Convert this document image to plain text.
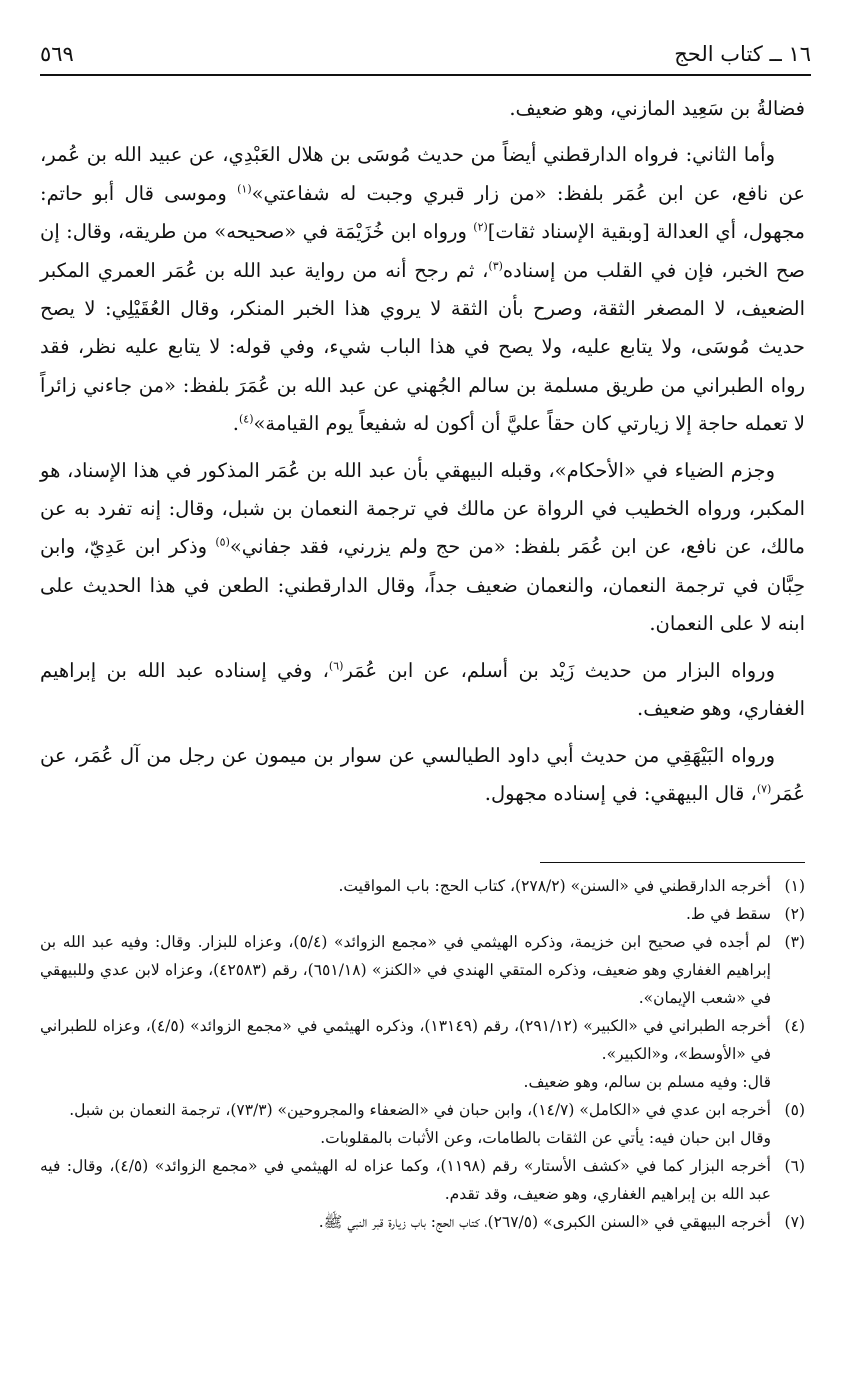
١٦ ــ كتاب الحج
٥٦٩

فضالةُ بن سَعِيد المازني، وهو ضعيف.

وأما الثاني: فرواه الدارقطني أيضاً من حديث مُوسَى بن هلال العَبْدِي، عن عبيد الله بن عُمر، عن نافع، عن ابن عُمَر بلفظ: «من زار قبري وجبت له شفاعتي»$^{(١)}$ وموسى قال أبو حاتم: مجهول، أي العدالة [وبقية الإسناد ثقات]$^{(٢)}$ ورواه ابن خُزَيْمَة في «صحيحه» من طريقه، وقال: إن صح الخبر، فإن في القلب من إسناده$^{(٣)}$، ثم رجح أنه من رواية عبد الله بن عُمَر العمري المكبر الضعيف، لا المصغر الثقة، وصرح بأن الثقة لا يروي هذا الخبر المنكر، وقال العُقَيْلِي: لا يصح حديث مُوسَى، ولا يتابع عليه، ولا يصح في هذا الباب شيء، وفي قوله: لا يتابع عليه نظر، فقد رواه الطبراني من طريق مسلمة بن سالم الجُهني عن عبد الله بن عُمَرَ بلفظ: «من جاءني زائراً لا تعمله حاجة إلا زيارتي كان حقاً عليَّ أن أكون له شفيعاً يوم القيامة»$^{(٤)}$.

وجزم الضياء في «الأحكام»، وقبله البيهقي بأن عبد الله بن عُمَر المذكور في هذا الإسناد، هو المكبر، ورواه الخطيب في الرواة عن مالك في ترجمة النعمان بن شبل، وقال: إنه تفرد به عن مالك، عن نافع، عن ابن عُمَر بلفظ: «من حج ولم يزرني، فقد جفاني»$^{(٥)}$ وذكر ابن عَدِيّ، وابن حِبَّان في ترجمة النعمان، والنعمان ضعيف جداً، وقال الدارقطني: الطعن في هذا الحديث على ابنه لا على النعمان.

ورواه البزار من حديث زَيْد بن أسلم، عن ابن عُمَر$^{(٦)}$، وفي إسناده عبد الله بن إبراهيم الغفاري، وهو ضعيف.

ورواه البَيْهَقِي من حديث أبي داود الطيالسي عن سوار بن ميمون عن رجل من آل عُمَر، عن عُمَر$^{(٧)}$، قال البيهقي: في إسناده مجهول.

(١)
أخرجه الدارقطني في «السنن» (٢٧٨/٢)، كتاب الحج: باب المواقيت.
(٢)
سقط في ط.
(٣)
لم أجده في صحيح ابن خزيمة، وذكره الهيثمي في «مجمع الزوائد» (٥/٤)، وعزاه للبزار. وقال: وفيه عبد الله بن إبراهيم الغفاري وهو ضعيف، وذكره المتقي الهندي في «الكنز» (٦٥١/١٨)، رقم (٤٢٥٨٣)، وعزاه لابن عدي وللبيهقي في «شعب الإيمان».
(٤)
أخرجه الطبراني في «الكبير» (٢٩١/١٢)، رقم (١٣١٤٩)، وذكره الهيثمي في «مجمع الزوائد» (٤/٥)، وعزاه للطبراني في «الأوسط»، و«الكبير».
قال: وفيه مسلم بن سالم، وهو ضعيف.
(٥)
أخرجه ابن عدي في «الكامل» (١٤/٧)، وابن حبان في «الضعفاء والمجروحين» (٧٣/٣)، ترجمة النعمان بن شبل.
وقال ابن حبان فيه: يأتي عن الثقات بالطامات، وعن الأثبات بالمقلوبات.
(٦)
أخرجه البزار كما في «كشف الأستار» رقم (١١٩٨)، وكما عزاه له الهيثمي في «مجمع الزوائد» (٤/٥)، وقال: فيه عبد الله بن إبراهيم الغفاري، وهو ضعيف، وقد تقدم.
(٧)
أخرجه البيهقي في «السنن الكبرى» (٢٦٧/٥)، كتاب الحج: باب زيارة قبر النبي ﷺ.
